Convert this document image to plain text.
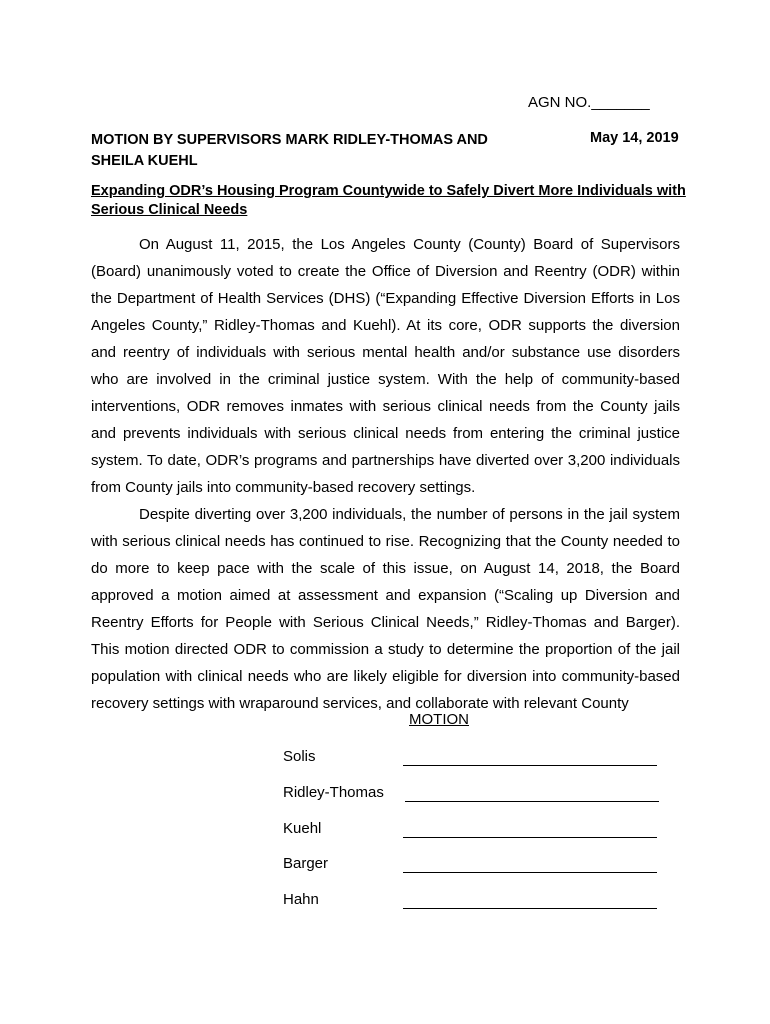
AGN NO._______
MOTION BY SUPERVISORS MARK RIDLEY-THOMAS AND SHEILA KUEHL
May 14, 2019
Expanding ODR’s Housing Program Countywide to Safely Divert More Individuals with Serious Clinical Needs

On August 11, 2015, the Los Angeles County (County) Board of Supervisors (Board) unanimously voted to create the Office of Diversion and Reentry (ODR) within the Department of Health Services (DHS) (“Expanding Effective Diversion Efforts in Los Angeles County,” Ridley-Thomas and Kuehl). At its core, ODR supports the diversion and reentry of individuals with serious mental health and/or substance use disorders who are involved in the criminal justice system. With the help of community-based interventions, ODR removes inmates with serious clinical needs from the County jails and prevents individuals with serious clinical needs from entering the criminal justice system. To date, ODR’s programs and partnerships have diverted over 3,200 individuals from County jails into community-based recovery settings.

Despite diverting over 3,200 individuals, the number of persons in the jail system with serious clinical needs has continued to rise. Recognizing that the County needed to do more to keep pace with the scale of this issue, on August 14, 2018, the Board approved a motion aimed at assessment and expansion (“Scaling up Diversion and Reentry Efforts for People with Serious Clinical Needs,” Ridley-Thomas and Barger). This motion directed ODR to commission a study to determine the proportion of the jail population with clinical needs who are likely eligible for diversion into community-based recovery settings with wraparound services, and collaborate with relevant County

MOTION
Solis
Ridley-Thomas
Kuehl
Barger
Hahn
